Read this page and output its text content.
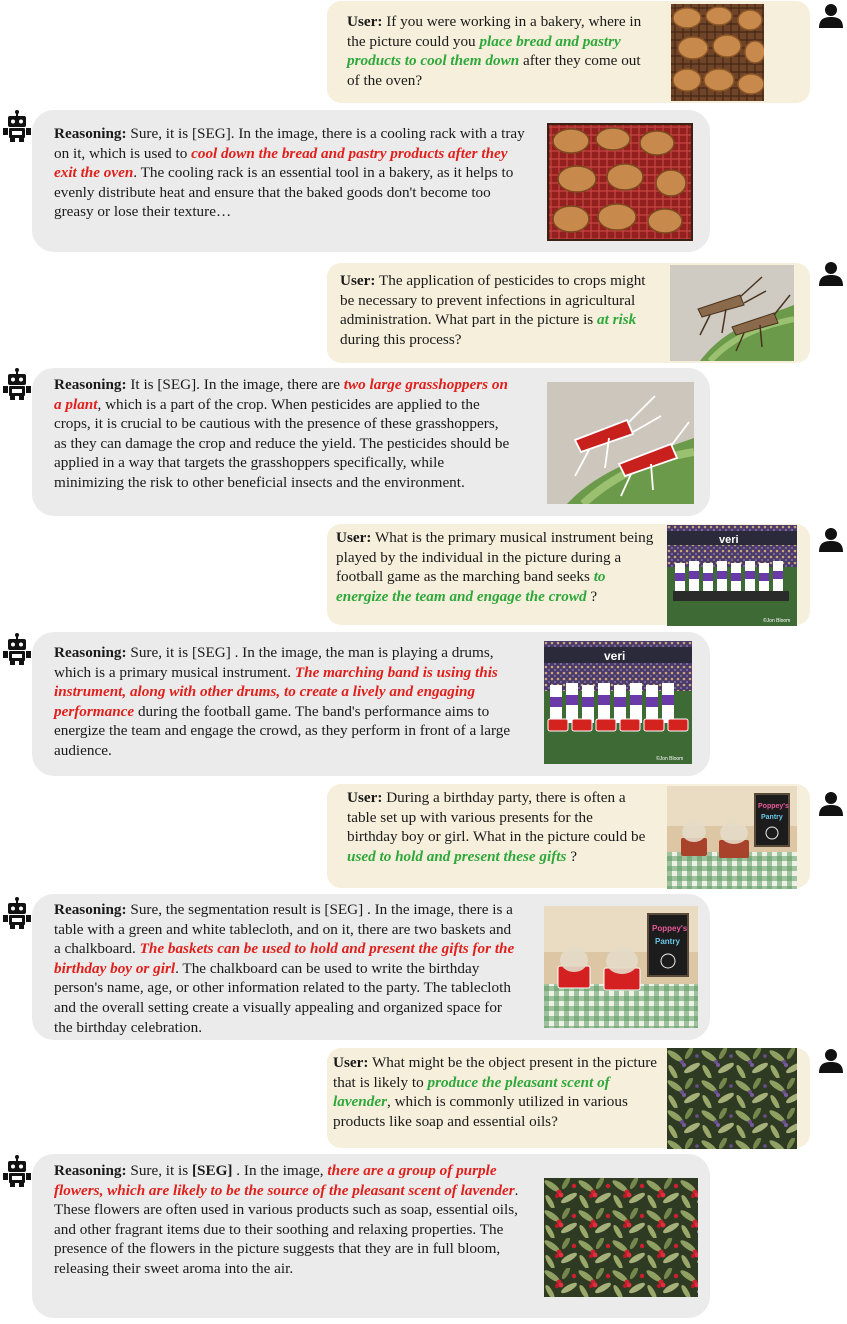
User: If you were working in a bakery, where in the picture could you place bread and pastry products to cool them down after they come out of the oven?

Reasoning: Sure, it is [SEG]. In the image, there is a cooling rack with a tray on it, which is used to cool down the bread and pastry products after they exit the oven. The cooling rack is an essential tool in a bakery, as it helps to evenly distribute heat and ensure that the baked goods don't become too greasy or lose their texture…

User: The application of pesticides to crops might be necessary to prevent infections in agricultural administration. What part in the picture is at risk during this process?

Reasoning: It is [SEG]. In the image, there are two large grasshoppers on a plant, which is a part of the crop. When pesticides are applied to the crops, it is crucial to be cautious with the presence of these grasshoppers, as they can damage the crop and reduce the yield. The pesticides should be applied in a way that targets the grasshoppers specifically, while minimizing the risk to other beneficial insects and the environment.

User: What is the primary musical instrument being played by the individual in the picture during a football game as the marching band seeks to energize the team and engage the crowd ?

veri
©Jon Bloom

Reasoning: Sure, it is [SEG] . In the image, the man is playing a drums, which is a primary musical instrument. The marching band is using this instrument, along with other drums, to create a lively and engaging performance during the football game. The band's performance aims to energize the team and engage the crowd, as they perform in front of a large audience.

veri
©Jon Bloom

User: During a birthday party, there is often a table set up with various presents for the birthday boy or girl. What in the picture could be used to hold and present these gifts ?

Poppey's
Pantry

Reasoning: Sure, the segmentation result is [SEG] . In the image, there is a table with a green and white tablecloth, and on it, there are two baskets and a chalkboard. The baskets can be used to hold and present the gifts for the birthday boy or girl. The chalkboard can be used to write the birthday person's name, age, or other information related to the party. The tablecloth and the overall setting create a visually appealing and organized space for the birthday celebration.

Poppey's
Pantry

User: What might be the object present in the picture that is likely to produce the pleasant scent of lavender, which is commonly utilized in various products like soap and essential oils?

Reasoning: Sure, it is [SEG] . In the image, there are a group of purple flowers, which are likely to be the source of the pleasant scent of lavender. These flowers are often used in various products such as soap, essential oils, and other fragrant items due to their soothing and relaxing properties. The presence of the flowers in the picture suggests that they are in full bloom, releasing their sweet aroma into the air.
